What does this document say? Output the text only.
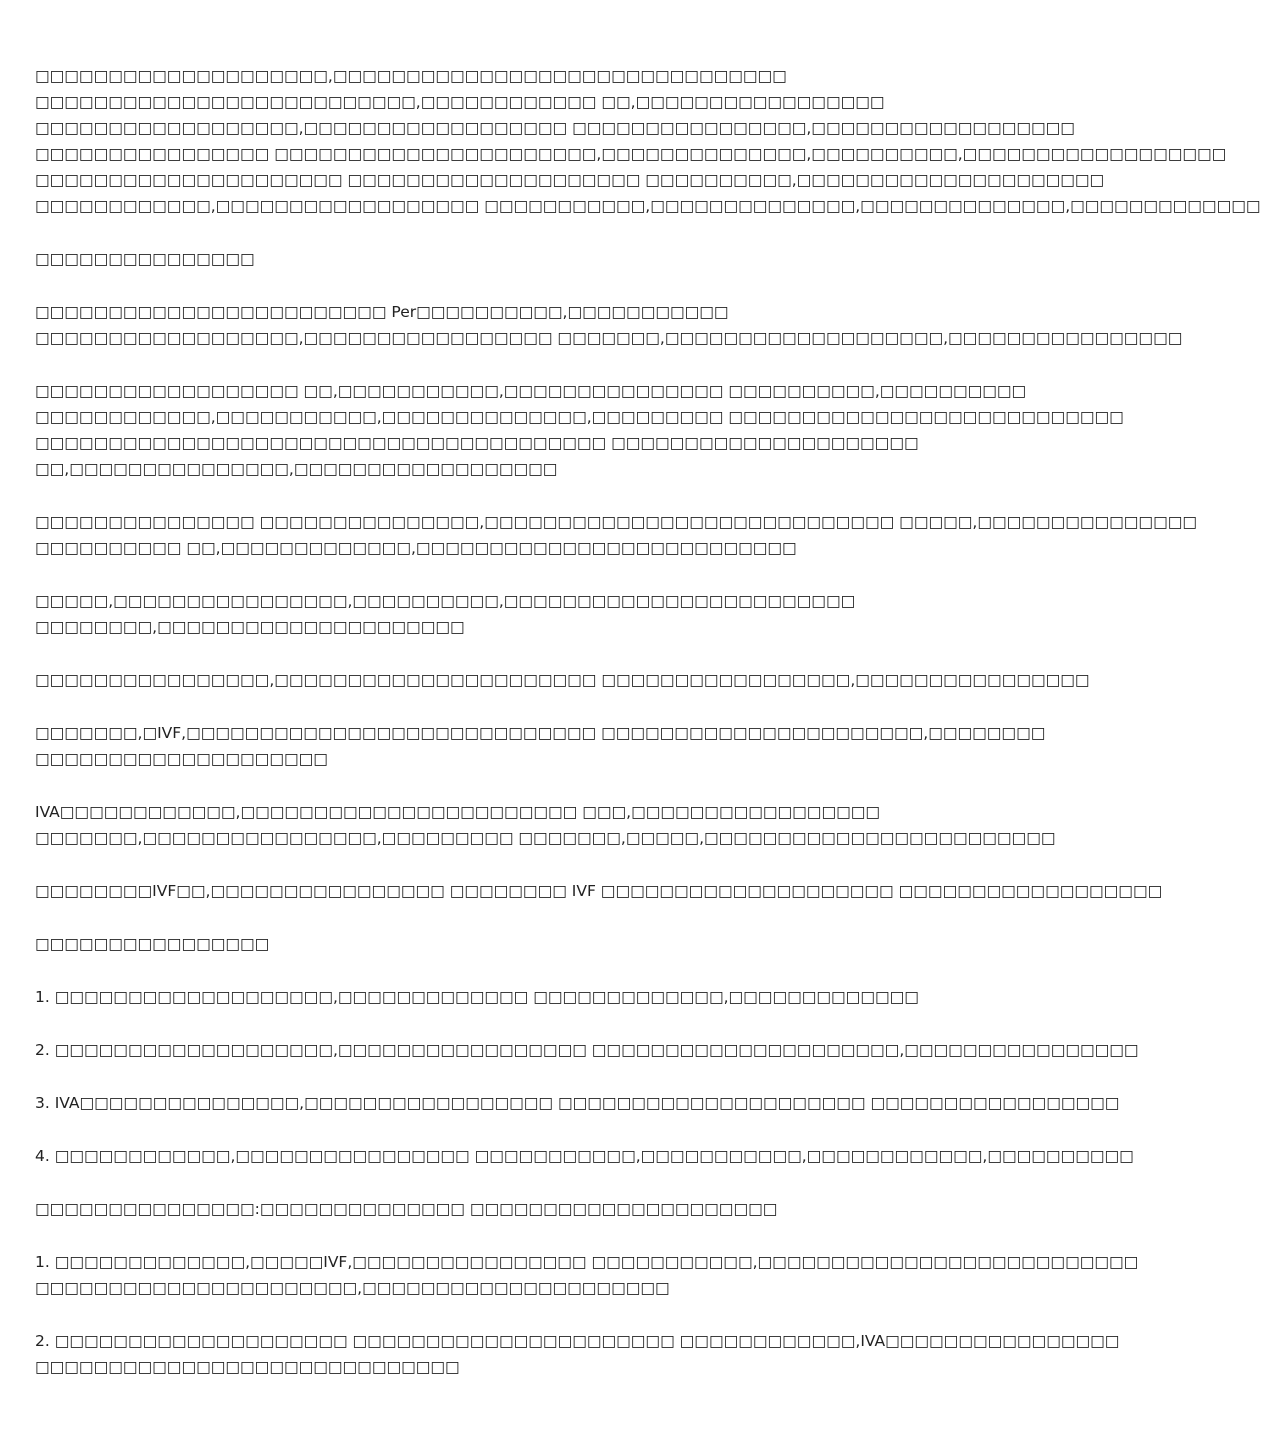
□□□□□□□□□□□□□□□□□□□□,□□□□□□□□□□□□□□□□□□□□□□□□□□□□□□□
□□□□□□□□□□□□□□□□□□□□□□□□□□,□□□□□□□□□□□□ □□,□□□□□□□□□□□□□□□□□
□□□□□□□□□□□□□□□□□□,□□□□□□□□□□□□□□□□□□ □□□□□□□□□□□□□□□□,□□□□□□□□□□□□□□□□□□
□□□□□□□□□□□□□□□□ □□□□□□□□□□□□□□□□□□□□□□,□□□□□□□□□□□□□□,□□□□□□□□□□,□□□□□□□□□□□□□□□□□□
□□□□□□□□□□□□□□□□□□□□□ □□□□□□□□□□□□□□□□□□□□ □□□□□□□□□□,□□□□□□□□□□□□□□□□□□□□□
□□□□□□□□□□□□,□□□□□□□□□□□□□□□□□□ □□□□□□□□□□□,□□□□□□□□□□□□□□,□□□□□□□□□□□□□□,□□□□□□□□□□□□□
□□□□□□□□□□□□□□□
□□□□□□□□□□□□□□□□□□□□□□□□ Per□□□□□□□□□□,□□□□□□□□□□□
□□□□□□□□□□□□□□□□□□,□□□□□□□□□□□□□□□□□ □□□□□□□,□□□□□□□□□□□□□□□□□□□,□□□□□□□□□□□□□□□□
□□□□□□□□□□□□□□□□□□ □□,□□□□□□□□□□□,□□□□□□□□□□□□□□□ □□□□□□□□□□,□□□□□□□□□□
□□□□□□□□□□□□,□□□□□□□□□□□,□□□□□□□□□□□□□□,□□□□□□□□□ □□□□□□□□□□□□□□□□□□□□□□□□□□□
□□□□□□□□□□□□□□□□□□□□□□□□□□□□□□□□□□□□□□□ □□□□□□□□□□□□□□□□□□□□□
□□,□□□□□□□□□□□□□□□,□□□□□□□□□□□□□□□□□□
□□□□□□□□□□□□□□□ □□□□□□□□□□□□□□□,□□□□□□□□□□□□□□□□□□□□□□□□□□□□ □□□□□,□□□□□□□□□□□□□□□
□□□□□□□□□□ □□,□□□□□□□□□□□□□,□□□□□□□□□□□□□□□□□□□□□□□□□□
□□□□□,□□□□□□□□□□□□□□□□,□□□□□□□□□□,□□□□□□□□□□□□□□□□□□□□□□□□
□□□□□□□□,□□□□□□□□□□□□□□□□□□□□□
□□□□□□□□□□□□□□□□,□□□□□□□□□□□□□□□□□□□□□□ □□□□□□□□□□□□□□□□□,□□□□□□□□□□□□□□□□
□□□□□□□,□IVF,□□□□□□□□□□□□□□□□□□□□□□□□□□□□ □□□□□□□□□□□□□□□□□□□□□□,□□□□□□□□
□□□□□□□□□□□□□□□□□□□□
IVA□□□□□□□□□□□□,□□□□□□□□□□□□□□□□□□□□□□□ □□□,□□□□□□□□□□□□□□□□□
□□□□□□□,□□□□□□□□□□□□□□□□,□□□□□□□□□ □□□□□□□,□□□□□,□□□□□□□□□□□□□□□□□□□□□□□□
□□□□□□□□IVF□□,□□□□□□□□□□□□□□□□ □□□□□□□□ IVF □□□□□□□□□□□□□□□□□□□□ □□□□□□□□□□□□□□□□□□
□□□□□□□□□□□□□□□□
1. □□□□□□□□□□□□□□□□□□□,□□□□□□□□□□□□□ □□□□□□□□□□□□□,□□□□□□□□□□□□□
2. □□□□□□□□□□□□□□□□□□□,□□□□□□□□□□□□□□□□□ □□□□□□□□□□□□□□□□□□□□□,□□□□□□□□□□□□□□□□
3. IVA□□□□□□□□□□□□□□□,□□□□□□□□□□□□□□□□□ □□□□□□□□□□□□□□□□□□□□□ □□□□□□□□□□□□□□□□□
4. □□□□□□□□□□□□,□□□□□□□□□□□□□□□□ □□□□□□□□□□□,□□□□□□□□□□□,□□□□□□□□□□□□,□□□□□□□□□□
□□□□□□□□□□□□□□□:□□□□□□□□□□□□□□ □□□□□□□□□□□□□□□□□□□□□
1. □□□□□□□□□□□□□,□□□□□IVF,□□□□□□□□□□□□□□□□ □□□□□□□□□□□,□□□□□□□□□□□□□□□□□□□□□□□□□□
□□□□□□□□□□□□□□□□□□□□□□,□□□□□□□□□□□□□□□□□□□□□
2. □□□□□□□□□□□□□□□□□□□□ □□□□□□□□□□□□□□□□□□□□□□ □□□□□□□□□□□□,IVA□□□□□□□□□□□□□□□□
□□□□□□□□□□□□□□□□□□□□□□□□□□□□□
